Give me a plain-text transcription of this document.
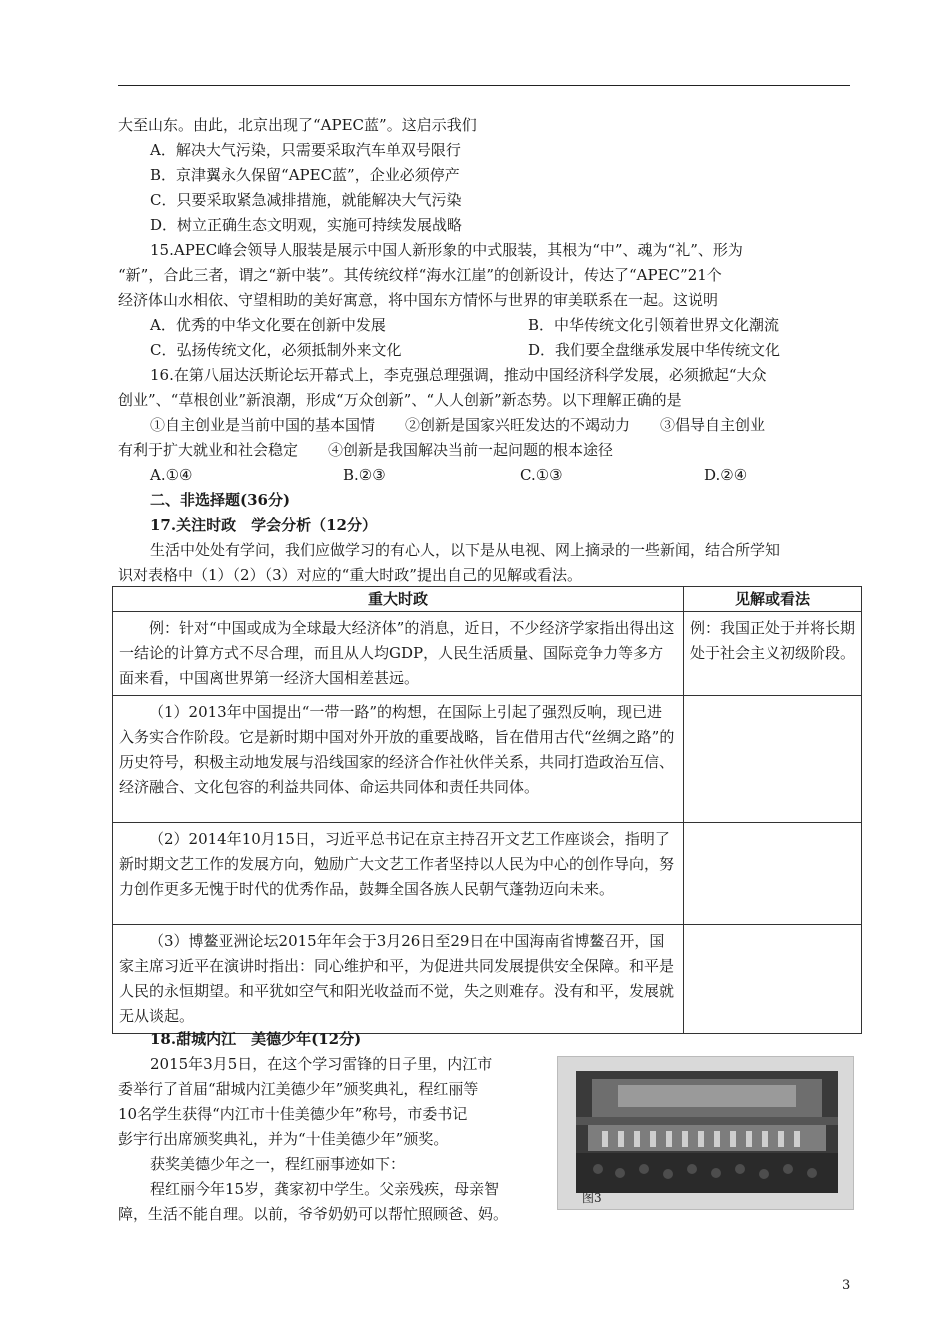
大至山东。由此，北京出现了“APEC蓝”。这启示我们
A．解决大气污染，只需要采取汽车单双号限行
B．京津翼永久保留“APEC蓝”，企业必须停产
C．只要采取紧急减排措施，就能解决大气污染
D．树立正确生态文明观，实施可持续发展战略
15.APEC峰会领导人服装是展示中国人新形象的中式服装，其根为“中”、魂为“礼”、形为
“新”，合此三者，谓之“新中装”。其传统纹样“海水江崖”的创新设计，传达了“APEC”21个
经济体山水相依、守望相助的美好寓意，将中国东方情怀与世界的审美联系在一起。这说明
A．优秀的中华文化要在创新中发展	B．中华传统文化引领着世界文化潮流
C．弘扬传统文化，必须抵制外来文化	D．我们要全盘继承发展中华传统文化
16.在第八届达沃斯论坛开幕式上，李克强总理强调，推动中国经济科学发展，必须掀起“大众
创业”、“草根创业”新浪潮，形成“万众创新”、“人人创新”新态势。以下理解正确的是
①自主创业是当前中国的基本国情　　②创新是国家兴旺发达的不竭动力　　③倡导自主创业
有利于扩大就业和社会稳定　　④创新是我国解决当前一起问题的根本途径
A.①④	B.②③	C.①③	D.②④
二、非选择题(36分)
17.关注时政　学会分析（12分）
生活中处处有学问，我们应做学习的有心人，以下是从电视、网上摘录的一些新闻，结合所学知
识对表格中（1）（2）（3）对应的“重大时政”提出自己的见解或看法。
重大时政	见解或看法
例：针对“中国或成为全球最大经济体”的消息，近日，不少经济学家指出得出这一结论的计算方式不尽合理，而且从人均GDP，人民生活质量、国际竞争力等多方面来看，中国离世界第一经济大国相差甚远。	例：我国正处于并将长期处于社会主义初级阶段。
（1）2013年中国提出“一带一路”的构想，在国际上引起了强烈反响，现已进入务实合作阶段。它是新时期中国对外开放的重要战略，旨在借用古代“丝绸之路”的历史符号，积极主动地发展与沿线国家的经济合作社伙伴关系，共同打造政治互信、经济融合、文化包容的利益共同体、命运共同体和责任共同体。	
（2）2014年10月15日，习近平总书记在京主持召开文艺工作座谈会，指明了新时期文艺工作的发展方向，勉励广大文艺工作者坚持以人民为中心的创作导向，努力创作更多无愧于时代的优秀作品，鼓舞全国各族人民朝气蓬勃迈向未来。	
（3）博鳌亚洲论坛2015年年会于3月26日至29日在中国海南省博鳌召开，国家主席习近平在演讲时指出：同心维护和平，为促进共同发展提供安全保障。和平是人民的永恒期望。和平犹如空气和阳光收益而不觉，失之则难存。没有和平，发展就无从谈起。	
18.甜城内江　美德少年(12分)
2015年3月5日，在这个学习雷锋的日子里，内江市
委举行了首届“甜城内江美德少年”颁奖典礼，程红丽等
10名学生获得“内江市十佳美德少年”称号，市委书记
彭宇行出席颁奖典礼，并为“十佳美德少年”颁奖。
获奖美德少年之一，程红丽事迹如下：
程红丽今年15岁，龚家初中学生。父亲残疾，母亲智
障，生活不能自理。以前，爷爷奶奶可以帮忙照顾爸、妈。
图3
3
